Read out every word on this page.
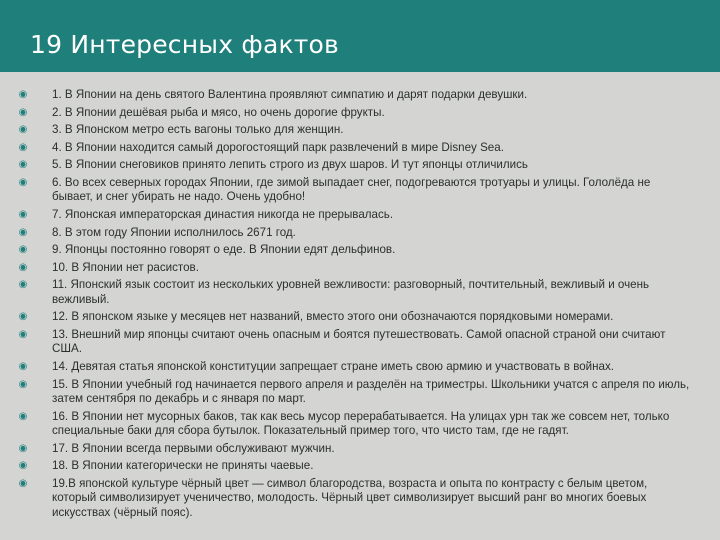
19 Интересных фактов
◉ 1. В Японии на день святого Валентина проявляют симпатию и дарят подарки девушки.
◉ 2. В Японии дешёвая рыба и мясо, но очень дорогие фрукты.
◉ 3. В Японском метро есть вагоны только для женщин.
◉ 4. В Японии находится самый дорогостоящий парк развлечений в мире Disney Sea.
◉ 5. В Японии снеговиков принято лепить строго из двух шаров. И тут японцы отличились
◉ 6. Во всех северных городах Японии, где зимой выпадает снег, подогреваются тротуары и улицы. Гололёда не бывает, и снег убирать не надо. Очень удобно!
◉ 7. Японская императорская династия никогда не прерывалась.
◉ 8. В этом году Японии исполнилось 2671 год.
◉ 9. Японцы постоянно говорят о еде. В Японии едят дельфинов.
◉ 10. В Японии нет расистов.
◉ 11. Японский язык состоит из нескольких уровней вежливости: разговорный, почтительный, вежливый и очень вежливый.
◉ 12. В японском языке у месяцев нет названий, вместо этого они обозначаются порядковыми номерами.
◉ 13. Внешний мир японцы считают очень опасным и боятся путешествовать. Самой опасной страной они считают США.
◉ 14. Девятая статья японской конституции запрещает стране иметь свою армию и участвовать в войнах.
◉ 15. В Японии учебный год начинается первого апреля и разделён на триместры. Школьники учатся с апреля по июль, затем сентября по декабрь и с января по март.
◉ 16. В Японии нет мусорных баков, так как весь мусор перерабатывается. На улицах урн так же совсем нет, только специальные баки для сбора бутылок. Показательный пример того, что чисто там, где не гадят.
◉ 17. В Японии всегда первыми обслуживают мужчин.
◉ 18. В Японии категорически не приняты чаевые.
◉ 19.В японской культуре чёрный цвет — символ благородства, возраста и опыта по контрасту с белым цветом, который символизирует ученичество, молодость. Чёрный цвет символизирует высший ранг во многих боевых искусствах (чёрный пояс).
